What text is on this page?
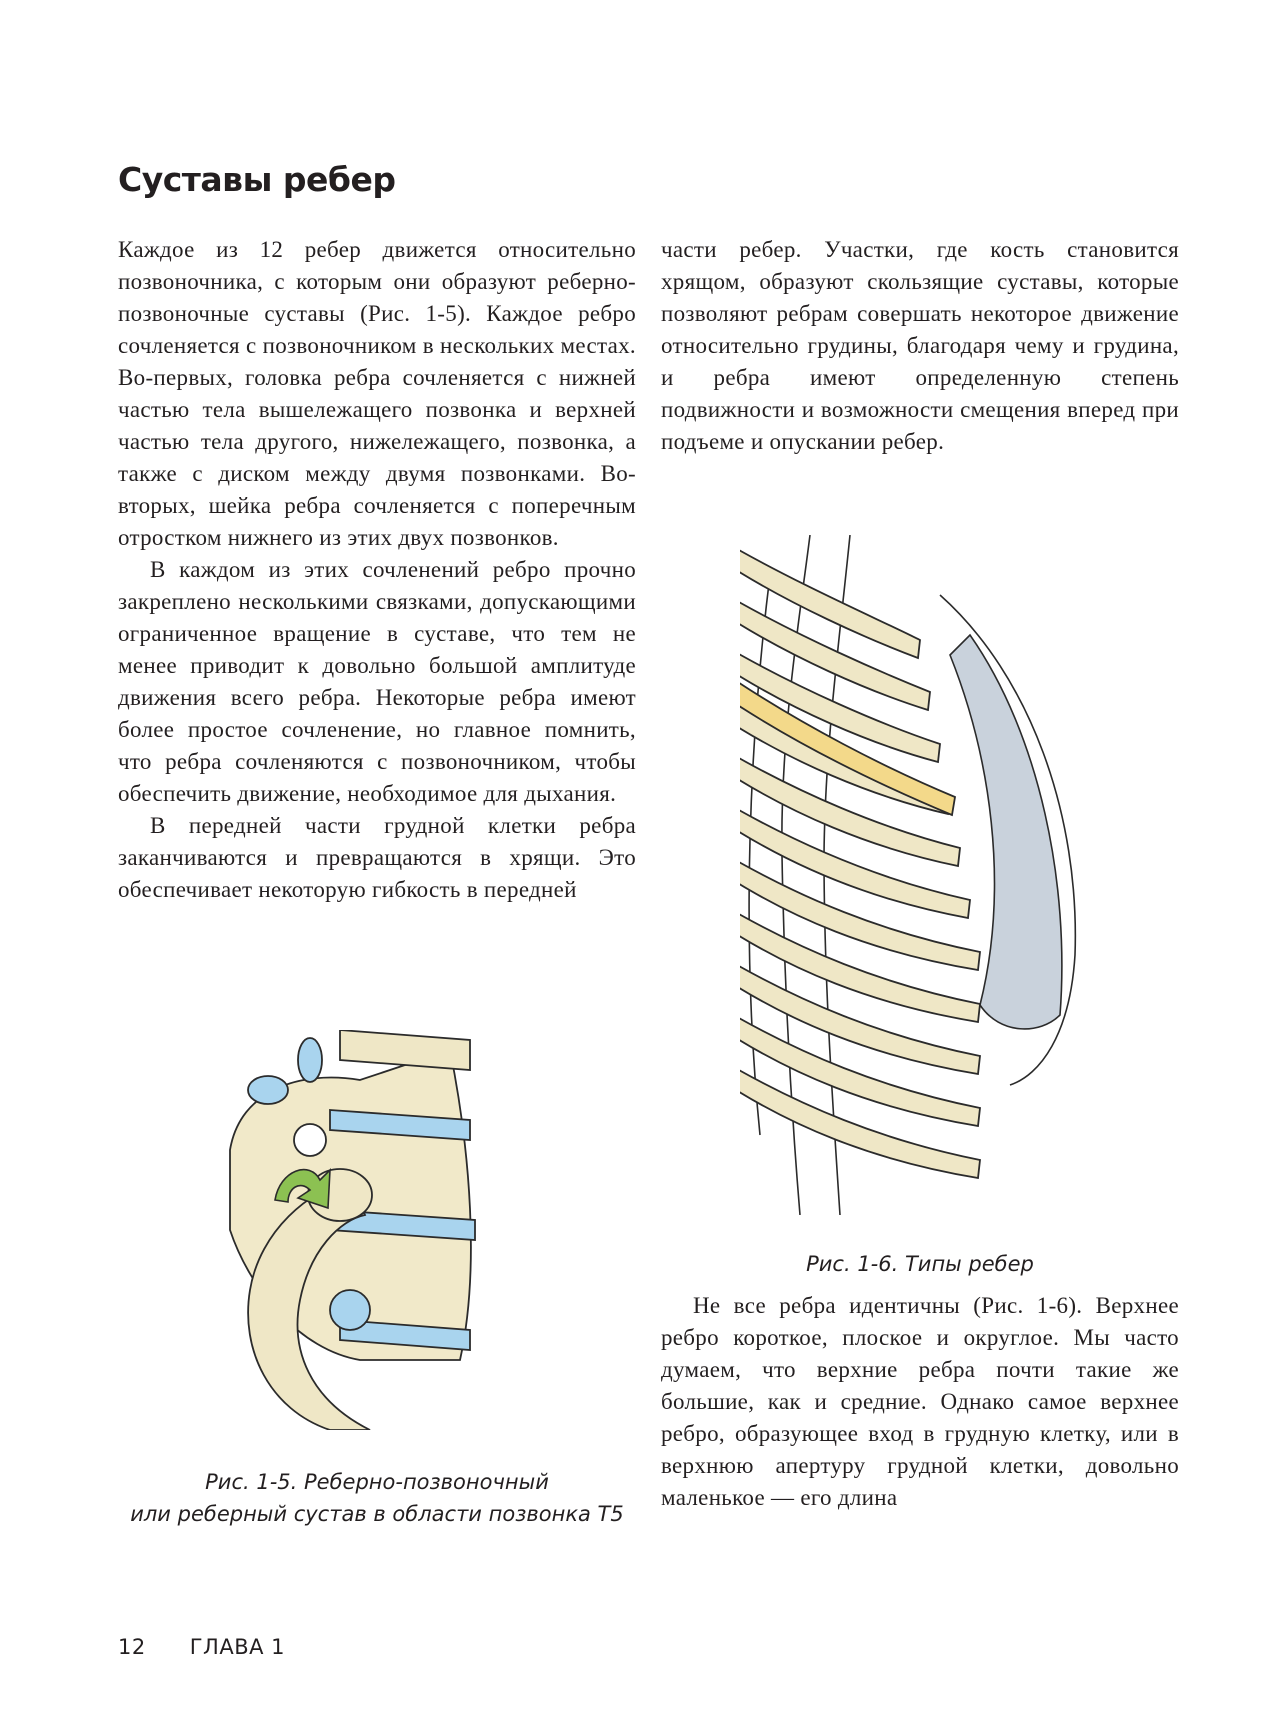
Суставы ребер

Каждое из 12 ребер движется относительно позвоночника, с которым они образуют реберно-позвоночные суставы (Рис. 1-5). Каждое ребро сочленяется с позвоночником в нескольких местах. Во-первых, головка ребра сочленяется с нижней частью тела вышележащего позвонка и верхней частью тела другого, нижележащего, позвонка, а также с диском между двумя позвонками. Во-вторых, шейка ребра сочленяется с поперечным отростком нижнего из этих двух позвонков.

В каждом из этих сочленений ребро прочно закреплено несколькими связками, допускающими ограниченное вращение в суставе, что тем не менее приводит к довольно большой амплитуде движения всего ребра. Некоторые ребра имеют более простое сочленение, но главное помнить, что ребра сочленяются с позвоночником, чтобы обеспечить движение, необходимое для дыхания.

В передней части грудной клетки ребра заканчиваются и превращаются в хрящи. Это обеспечивает некоторую гибкость в передней

части ребер. Участки, где кость становится хрящом, образуют скользящие суставы, которые позволяют ребрам совершать некоторое движение относительно грудины, благодаря чему и грудина, и ребра имеют определенную степень подвижности и возможности смещения вперед при подъеме и опускании ребер.

Рис. 1-6. Типы ребер

Не все ребра идентичны (Рис. 1-6). Верхнее ребро короткое, плоское и округлое. Мы часто думаем, что верхние ребра почти такие же большие, как и средние. Однако самое верхнее ребро, образующее вход в грудную клетку, или в верхнюю апертуру грудной клетки, довольно маленькое — его длина

Рис. 1-5. Реберно-позвоночный
или реберный сустав в области позвонка T5
12 ГЛАВА 1
